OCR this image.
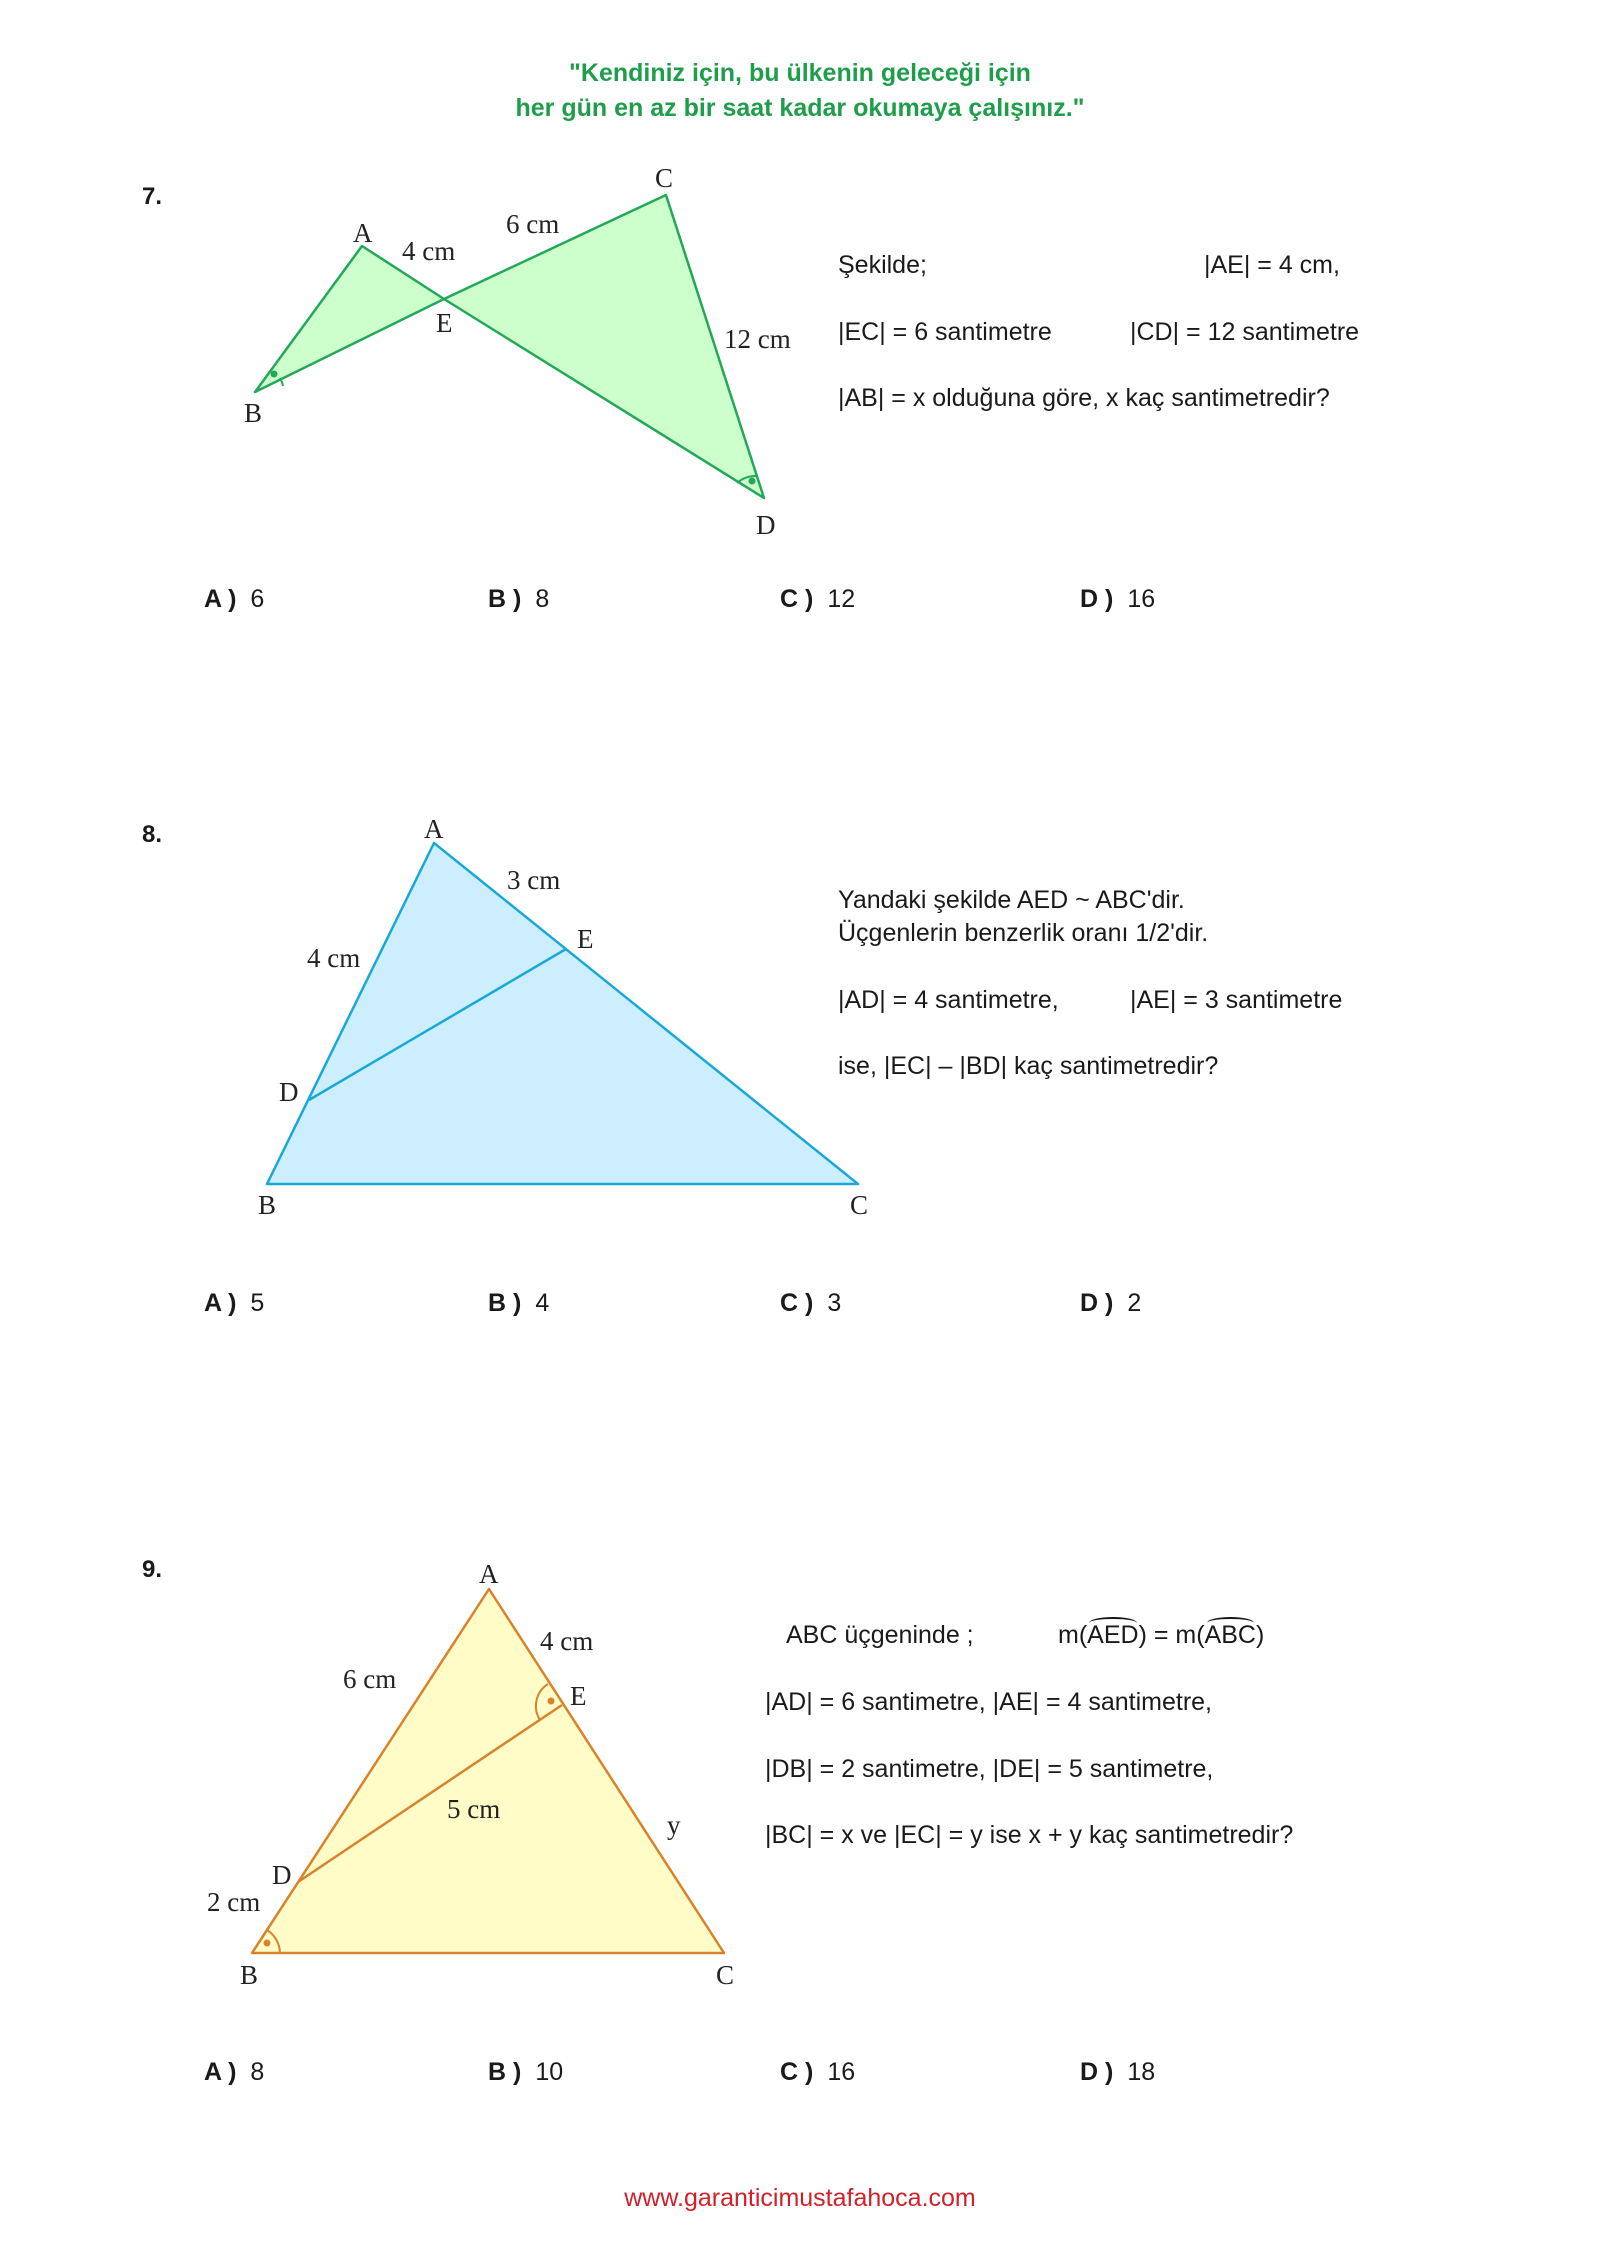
"Kendiniz için, bu ülkenin geleceği için
her gün en az bir saat kadar okumaya çalışınız."
7.
A
B
C
D
E
4 cm
6 cm
12 cm
Şekilde;	|AE| = 4 cm,
|EC| = 6 santimetre	|CD| = 12 santimetre
|AB| = x olduğuna göre, x kaç santimetredir?
A ) 6	B ) 8	C ) 12	D ) 16
8.	A
B	C
D
E
3 cm
4 cm
Yandaki şekilde AED ~ ABC'dir.
Üçgenlerin benzerlik oranı 1/2'dir.
|AD| = 4 santimetre,	|AE| = 3 santimetre
ise, |EC| – |BD| kaç santimetredir?
A ) 5	B ) 4	C ) 3	D ) 2
9.	A
B	C
D
E
6 cm
4 cm
5 cm
2 cm
y
ABC üçgeninde ;	m(AED) = m(ABC)
|AD| = 6 santimetre, |AE| = 4 santimetre,
|DB| = 2 santimetre, |DE| = 5 santimetre,
|BC| = x ve |EC| = y ise x + y kaç santimetredir?
A ) 8	B ) 10	C ) 16	D ) 18
www.garanticimustafahoca.com
